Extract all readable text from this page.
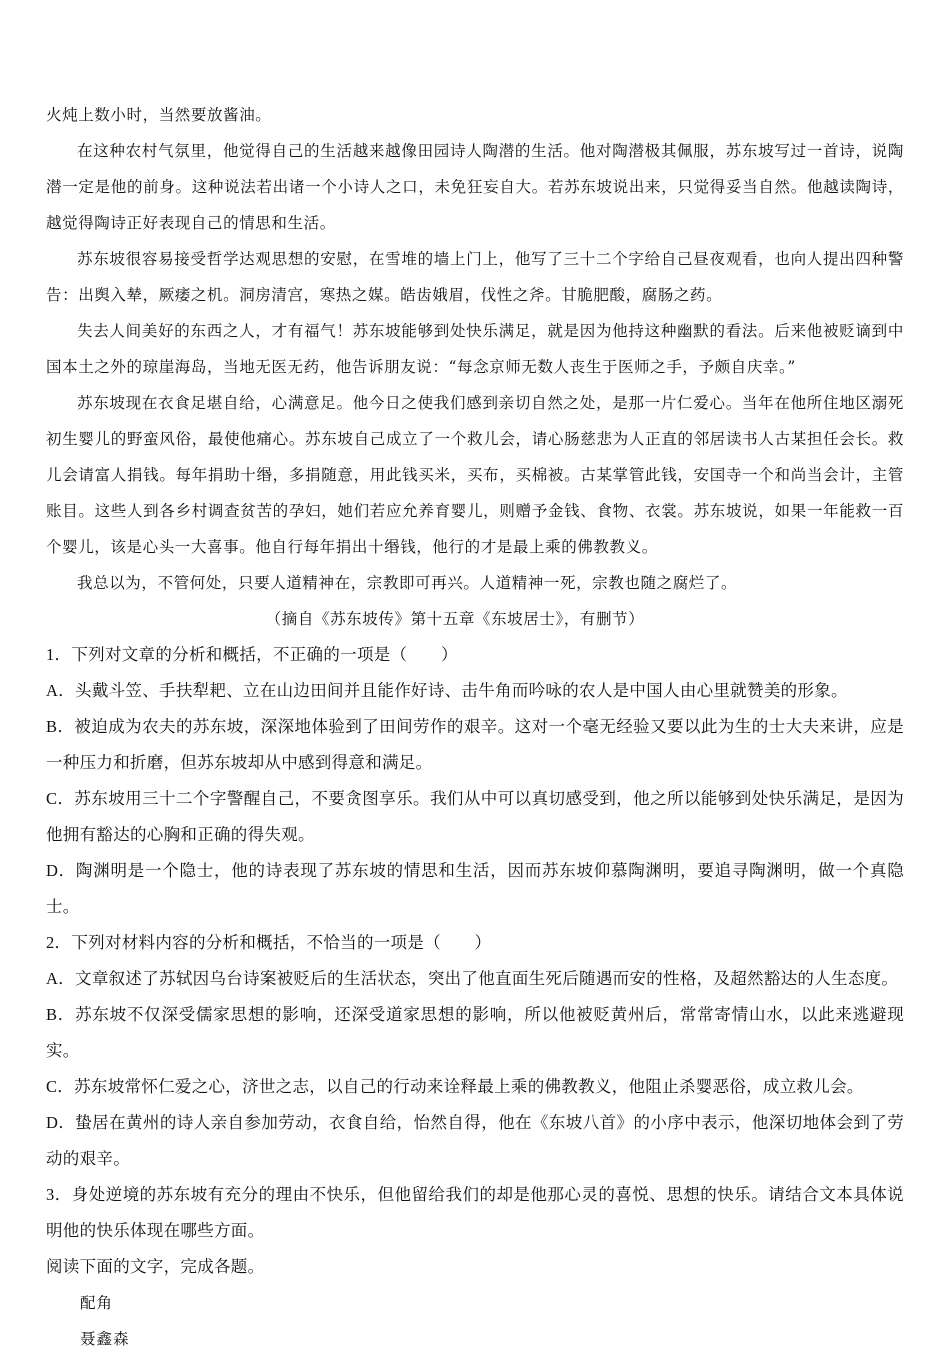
火炖上数小时，当然要放酱油。

在这种农村气氛里，他觉得自己的生活越来越像田园诗人陶潜的生活。他对陶潜极其佩服，苏东坡写过一首诗，说陶潜一定是他的前身。这种说法若出诸一个小诗人之口，未免狂妄自大。若苏东坡说出来，只觉得妥当自然。他越读陶诗，越觉得陶诗正好表现自己的情思和生活。

苏东坡很容易接受哲学达观思想的安慰，在雪堆的墙上门上，他写了三十二个字给自己昼夜观看，也向人提出四种警告：出舆入辇，厥痿之机。洞房清宫，寒热之媒。皓齿娥眉，伐性之斧。甘脆肥酸，腐肠之药。

失去人间美好的东西之人，才有福气！苏东坡能够到处快乐满足，就是因为他持这种幽默的看法。后来他被贬谪到中国本土之外的琼崖海岛，当地无医无药，他告诉朋友说：“每念京师无数人丧生于医师之手，予颇自庆幸。”

苏东坡现在衣食足堪自给，心满意足。他今日之使我们感到亲切自然之处，是那一片仁爱心。当年在他所住地区溺死初生婴儿的野蛮风俗，最使他痛心。苏东坡自己成立了一个救儿会，请心肠慈悲为人正直的邻居读书人古某担任会长。救儿会请富人捐钱。每年捐助十缗，多捐随意，用此钱买米，买布，买棉被。古某掌管此钱，安国寺一个和尚当会计，主管账目。这些人到各乡村调查贫苦的孕妇，她们若应允养育婴儿，则赠予金钱、食物、衣裳。苏东坡说，如果一年能救一百个婴儿，该是心头一大喜事。他自行每年捐出十缗钱，他行的才是最上乘的佛教教义。

我总以为，不管何处，只要人道精神在，宗教即可再兴。人道精神一死，宗教也随之腐烂了。

（摘自《苏东坡传》第十五章《东坡居士》，有删节）

1．下列对文章的分析和概括，不正确的一项是（　　）

A．头戴斗笠、手扶犁耙、立在山边田间并且能作好诗、击牛角而吟咏的农人是中国人由心里就赞美的形象。

B．被迫成为农夫的苏东坡，深深地体验到了田间劳作的艰辛。这对一个毫无经验又要以此为生的士大夫来讲，应是一种压力和折磨，但苏东坡却从中感到得意和满足。

C．苏东坡用三十二个字警醒自己，不要贪图享乐。我们从中可以真切感受到，他之所以能够到处快乐满足，是因为他拥有豁达的心胸和正确的得失观。

D．陶渊明是一个隐士，他的诗表现了苏东坡的情思和生活，因而苏东坡仰慕陶渊明，要追寻陶渊明，做一个真隐士。

2．下列对材料内容的分析和概括，不恰当的一项是（　　）

A．文章叙述了苏轼因乌台诗案被贬后的生活状态，突出了他直面生死后随遇而安的性格，及超然豁达的人生态度。

B．苏东坡不仅深受儒家思想的影响，还深受道家思想的影响，所以他被贬黄州后，常常寄情山水，以此来逃避现实。

C．苏东坡常怀仁爱之心，济世之志，以自己的行动来诠释最上乘的佛教教义，他阻止杀婴恶俗，成立救儿会。

D．蛰居在黄州的诗人亲自参加劳动，衣食自给，怡然自得，他在《东坡八首》的小序中表示，他深切地体会到了劳动的艰辛。

3．身处逆境的苏东坡有充分的理由不快乐，但他留给我们的却是他那心灵的喜悦、思想的快乐。请结合文本具体说明他的快乐体现在哪些方面。

阅读下面的文字，完成各题。

配角

聂鑫森
